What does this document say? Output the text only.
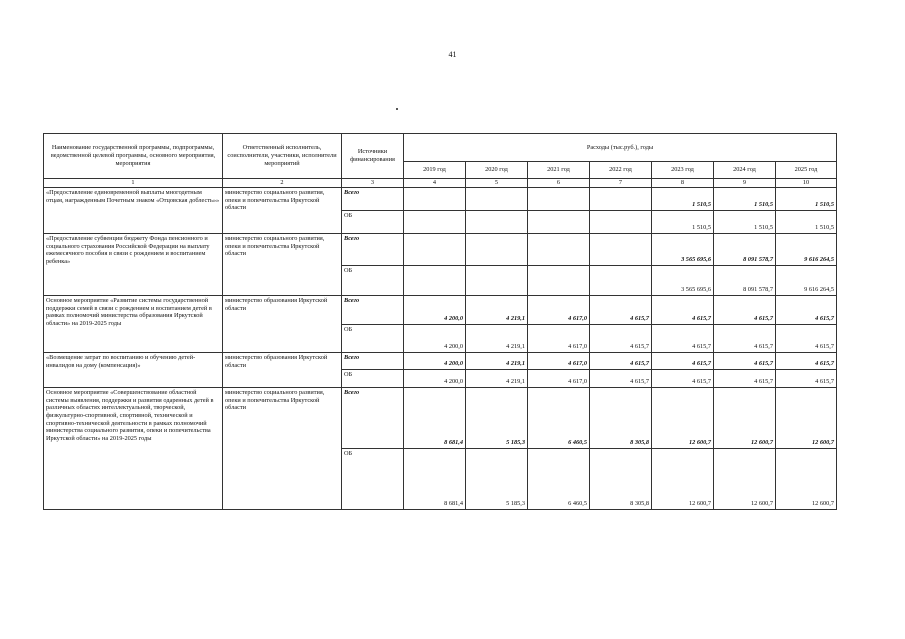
41
Наименование государственной программы, подпрограммы, ведомственной целевой программы, основного мероприятия, мероприятия	Ответственный исполнитель, соисполнители, участники, исполнители мероприятий	Источники финансирования	Расходы (тыс.руб.), годы						
			2019 год	2020 год	2021 год	2022 год	2023 год	2024 год	2025 год
1	2	3	4	5	6	7	8	9	10
«Предоставление единовременной выплаты многодетным отцам, награжденным Почетным знаком «Отцовская доблесть»»	министерство социального развития, опеки и попечительства Иркутской области	Всего					1 510,5	1 510,5	1 510,5
		ОБ					1 510,5	1 510,5	1 510,5
«Предоставление субвенции бюджету Фонда пенсионного и социального страхования Российской Федерации на выплату ежемесячного пособия в связи с рождением и воспитанием ребенка»	министерство социального развития, опеки и попечительства Иркутской области	Всего					3 565 695,6	8 091 578,7	9 616 264,5
		ОБ					3 565 695,6	8 091 578,7	9 616 264,5
Основное мероприятие «Развитие системы государственной поддержки семей в связи с рождением и воспитанием детей в рамках полномочий министерства образования Иркутской области» на 2019-2025 годы	министерство образования Иркутской области	Всего	4 200,0	4 219,1	4 617,0	4 615,7	4 615,7	4 615,7	4 615,7
		ОБ	4 200,0	4 219,1	4 617,0	4 615,7	4 615,7	4 615,7	4 615,7
«Возмещение затрат по воспитанию и обучению детей-инвалидов на дому (компенсация)»	министерство образования Иркутской области	Всего	4 200,0	4 219,1	4 617,0	4 615,7	4 615,7	4 615,7	4 615,7
		ОБ	4 200,0	4 219,1	4 617,0	4 615,7	4 615,7	4 615,7	4 615,7
Основное мероприятие «Совершенствование областной системы выявления, поддержки и развития одаренных детей в различных областях интеллектуальной, творческой, физкультурно-спортивной, спортивной, технической и спортивно-технической деятельности в рамках полномочий министерства социального развития, опеки и попечительства Иркутской области» на 2019-2025 годы	министерство социального развития, опеки и попечительства Иркутской области	Всего	8 681,4	5 185,3	6 460,5	8 305,8	12 600,7	12 600,7	12 600,7
		ОБ	8 681,4	5 185,3	6 460,5	8 305,8	12 600,7	12 600,7	12 600,7
